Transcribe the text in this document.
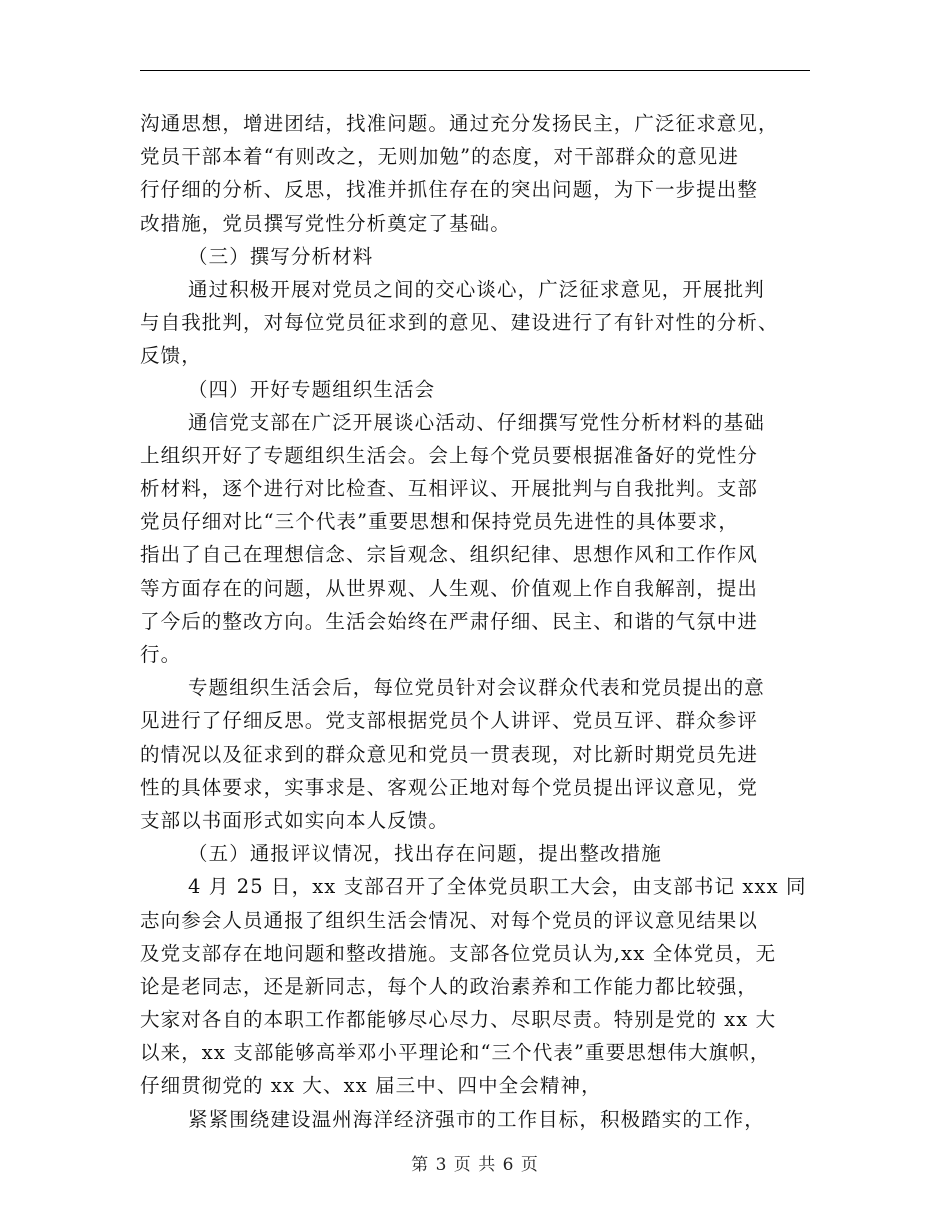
沟通思想，增进团结，找准问题。通过充分发扬民主，广泛征求意见，
党员干部本着“有则改之，无则加勉”的态度，对干部群众的意见进
行仔细的分析、反思，找准并抓住存在的突出问题，为下一步提出整
改措施，党员撰写党性分析奠定了基础。
（三）撰写分析材料
通过积极开展对党员之间的交心谈心，广泛征求意见，开展批判
与自我批判，对每位党员征求到的意见、建设进行了有针对性的分析、
反馈，
（四）开好专题组织生活会
通信党支部在广泛开展谈心活动、仔细撰写党性分析材料的基础
上组织开好了专题组织生活会。会上每个党员要根据准备好的党性分
析材料，逐个进行对比检查、互相评议、开展批判与自我批判。支部
党员仔细对比“三个代表”重要思想和保持党员先进性的具体要求，
指出了自己在理想信念、宗旨观念、组织纪律、思想作风和工作作风
等方面存在的问题，从世界观、人生观、价值观上作自我解剖，提出
了今后的整改方向。生活会始终在严肃仔细、民主、和谐的气氛中进
行。
专题组织生活会后，每位党员针对会议群众代表和党员提出的意
见进行了仔细反思。党支部根据党员个人讲评、党员互评、群众参评
的情况以及征求到的群众意见和党员一贯表现，对比新时期党员先进
性的具体要求，实事求是、客观公正地对每个党员提出评议意见，党
支部以书面形式如实向本人反馈。
（五）通报评议情况，找出存在问题，提出整改措施
4 月 25 日，xx 支部召开了全体党员职工大会，由支部书记 xxx 同
志向参会人员通报了组织生活会情况、对每个党员的评议意见结果以
及党支部存在地问题和整改措施。支部各位党员认为,xx 全体党员，无
论是老同志，还是新同志，每个人的政治素养和工作能力都比较强，
大家对各自的本职工作都能够尽心尽力、尽职尽责。特别是党的 xx 大
以来，xx 支部能够高举邓小平理论和“三个代表”重要思想伟大旗帜，
仔细贯彻党的 xx 大、xx 届三中、四中全会精神，
紧紧围绕建设温州海洋经济强市的工作目标，积极踏实的工作，
第 3 页 共 6 页
